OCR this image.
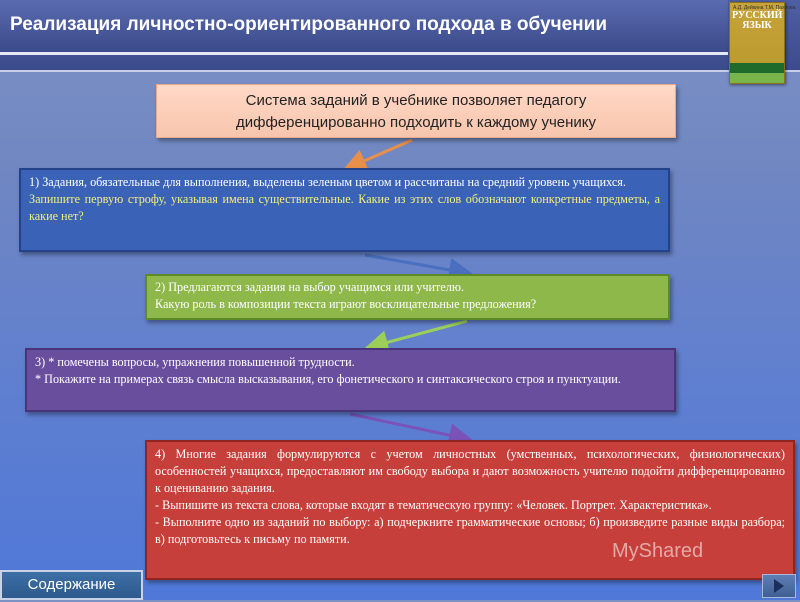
Реализация личностно-ориентированного подхода в обучении
А.Д. Дейкина Т.М. Пахнова
РУССКИЙ
ЯЗЫК
Система заданий в учебнике позволяет педагогу
дифференцированно подходить к каждому ученику
1) Задания, обязательные для выполнения, выделены зеленым цветом и рассчитаны на средний уровень учащихся.
Запишите первую строфу, указывая имена существительные. Какие из этих слов обозначают конкретные предметы, а какие нет?
2) Предлагаются задания на выбор учащимся или учителю.
Какую роль в композиции текста играют восклицательные предложения?
3) * помечены вопросы, упражнения повышенной трудности.
* Покажите на примерах связь смысла высказывания, его фонетического и синтаксического строя и пунктуации.
4) Многие задания формулируются с учетом личностных (умственных, психологических, физиологических) особенностей учащихся, предоставляют им свободу выбора и дают возможность учителю подойти дифференцированно к оцениванию задания.
- Выпишите из текста слова, которые входят в тематическую группу: «Человек. Портрет. Характеристика».
- Выполните одно из заданий по выбору: а) подчеркните грамматические основы; б) произведите разные виды разбора; в) подготовьтесь к письму по памяти.
MyShared
Содержание
